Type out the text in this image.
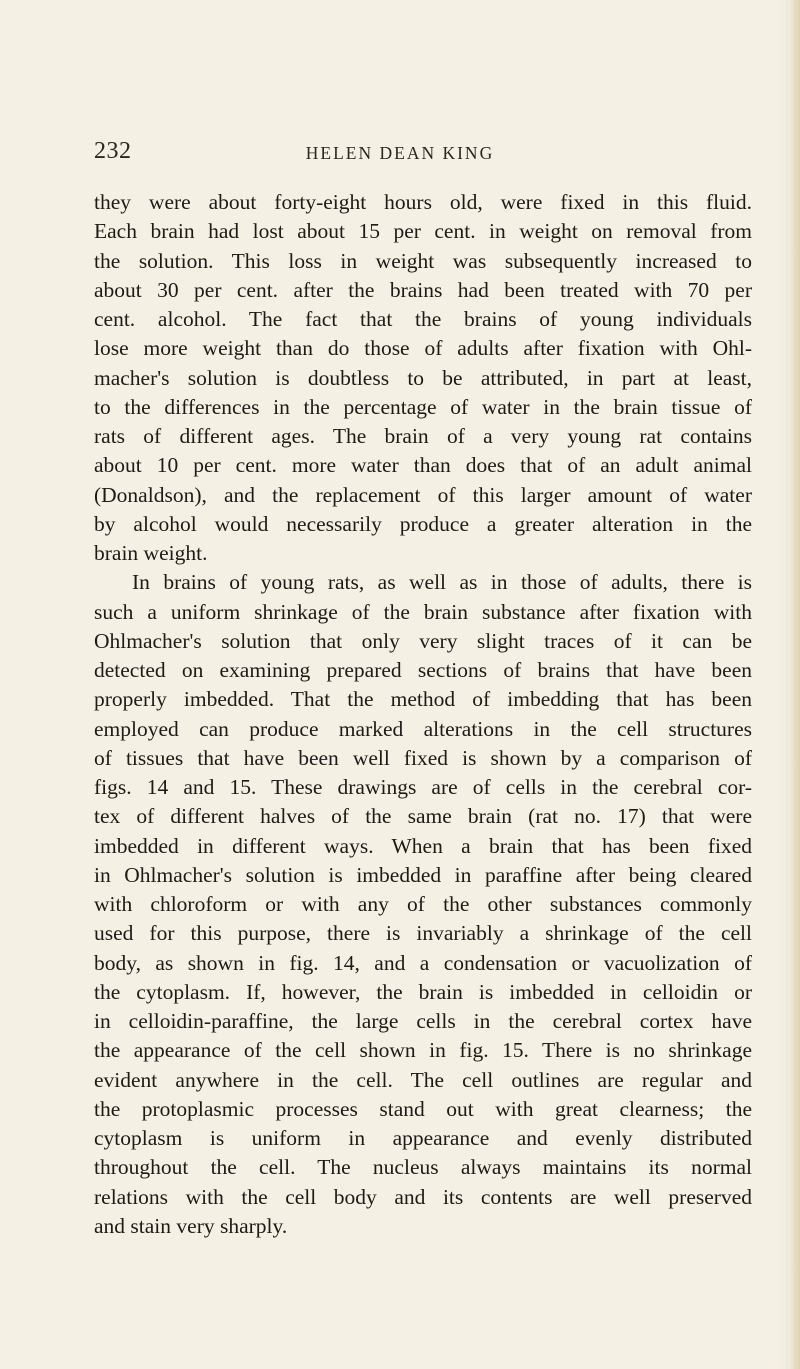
232	HELEN DEAN KING
they were about forty-eight hours old, were fixed in this fluid.
Each brain had lost about 15 per cent. in weight on removal from
the solution. This loss in weight was subsequently increased to
about 30 per cent. after the brains had been treated with 70 per
cent. alcohol. The fact that the brains of young individuals
lose more weight than do those of adults after fixation with Ohl-
macher's solution is doubtless to be attributed, in part at least,
to the differences in the percentage of water in the brain tissue of
rats of different ages. The brain of a very young rat contains
about 10 per cent. more water than does that of an adult animal
(Donaldson), and the replacement of this larger amount of water
by alcohol would necessarily produce a greater alteration in the
brain weight.
In brains of young rats, as well as in those of adults, there is
such a uniform shrinkage of the brain substance after fixation with
Ohlmacher's solution that only very slight traces of it can be
detected on examining prepared sections of brains that have been
properly imbedded. That the method of imbedding that has been
employed can produce marked alterations in the cell structures
of tissues that have been well fixed is shown by a comparison of
figs. 14 and 15. These drawings are of cells in the cerebral cor-
tex of different halves of the same brain (rat no. 17) that were
imbedded in different ways. When a brain that has been fixed
in Ohlmacher's solution is imbedded in paraffine after being cleared
with chloroform or with any of the other substances commonly
used for this purpose, there is invariably a shrinkage of the cell
body, as shown in fig. 14, and a condensation or vacuolization of
the cytoplasm. If, however, the brain is imbedded in celloidin or
in celloidin-paraffine, the large cells in the cerebral cortex have
the appearance of the cell shown in fig. 15. There is no shrinkage
evident anywhere in the cell. The cell outlines are regular and
the protoplasmic processes stand out with great clearness; the
cytoplasm is uniform in appearance and evenly distributed
throughout the cell. The nucleus always maintains its normal
relations with the cell body and its contents are well preserved
and stain very sharply.
